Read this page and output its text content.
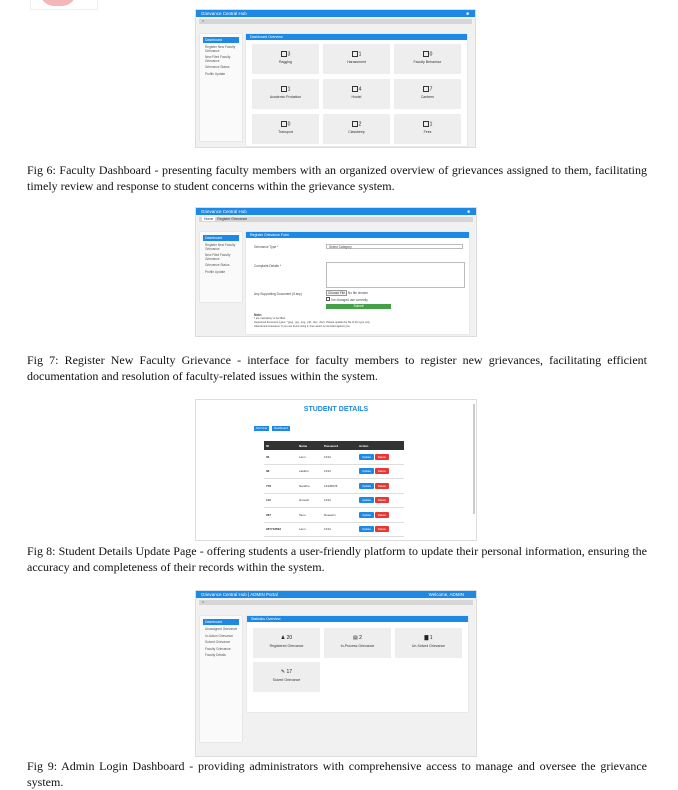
Grievance Central Hub	■
⌂
Dashboard
Register New Faculty Grievance
New Filed Faculty Grievance
Grievance Status
Profile Update
Dashboard Overview
3
Ragging
1
Harassment
0
Faculty Behaviour
1
Academic Probation
4
Hostel
7
Canteen
0
Transport
2
Classbeep
1
Fees
Fig 6: Faculty Dashboard - presenting faculty members with an organized overview of grievances assigned to them, facilitating timely review and response to student concerns within the grievance system.
Grievance Central Hub	■
Home Register Grievance
Dashboard
Register New Faculty Grievance
New Filed Faculty Grievance
Grievance Status
Profile Update
Register Grievance Form
Grievance Type *	Select Category
Complaint Details *
Any Supporting Document (if any)	Choose File No file chosen
I've changed use correctly
Submit
Note:
* are mandatory to be filled.
Supported document types: *.jpeg, .jpg, .png, .pdf, .doc, .docx. Please update the file of the type only.
Abandoned Grievance: If you are found using it, then action is intended against you.
Fig 7: Register New Faculty Grievance - interface for faculty members to register new grievances, facilitating efficient documentation and resolution of faculty-related issues within the system.
STUDENT DETAILS
Add User	Dashboard
ID	Name	Password	Action
96	Lavn	1234	Update Delete
98	Lakkhu	1234	Update Delete
778	Nandhu	12345678	Update Delete
112	Himesh	1234	Update Delete
287	Tanu	Rosewin	Update Delete
287718662	Lavn	1234	Update Delete

Fig 8: Student Details Update Page - offering students a user-friendly platform to update their personal information, ensuring the accuracy and completeness of their records within the system.
Grievance Central Hub | ADMIN Portal	Welcome, ADMIN
⌂
Dashboard
Unassigned Grievance
In-Action Grievance
Solved Grievance
Faculty Grievance
Faculty Details
Statistics Overview
♟ 20
Registered Grievance
▤ 2
In-Process Grievance
▇ 1
Un-Solved Grievance
✎ 17
Solved Grievance
Fig 9: Admin Login Dashboard - providing administrators with comprehensive access to manage and oversee the grievance system.
